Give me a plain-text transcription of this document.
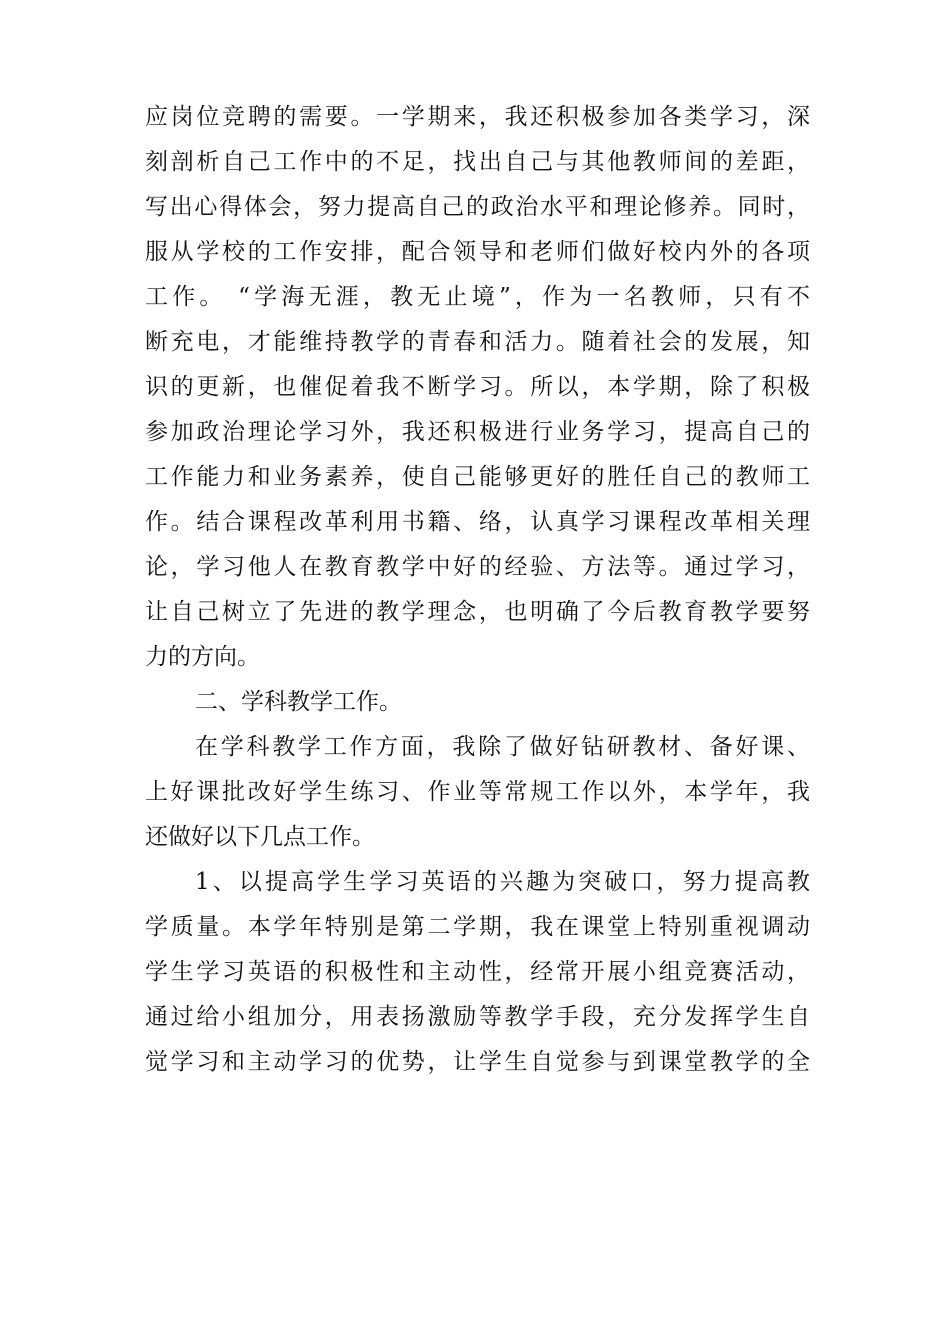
应岗位竞聘的需要。一学期来，我还积极参加各类学习，深
刻剖析自己工作中的不足，找出自己与其他教师间的差距，
写出心得体会，努力提高自己的政治水平和理论修养。同时，
服从学校的工作安排，配合领导和老师们做好校内外的各项
工作。 “学海无涯，教无止境”，作为一名教师，只有不
断充电，才能维持教学的青春和活力。随着社会的发展，知
识的更新，也催促着我不断学习。所以，本学期，除了积极
参加政治理论学习外，我还积极进行业务学习，提高自己的
工作能力和业务素养，使自己能够更好的胜任自己的教师工
作。结合课程改革利用书籍、络，认真学习课程改革相关理
论，学习他人在教育教学中好的经验、方法等。通过学习，
让自己树立了先进的教学理念，也明确了今后教育教学要努
力的方向。
二、学科教学工作。
在学科教学工作方面，我除了做好钻研教材、备好课、
上好课批改好学生练习、作业等常规工作以外，本学年，我
还做好以下几点工作。
1、以提高学生学习英语的兴趣为突破口，努力提高教
学质量。本学年特别是第二学期，我在课堂上特别重视调动
学生学习英语的积极性和主动性，经常开展小组竞赛活动，
通过给小组加分，用表扬激励等教学手段，充分发挥学生自
觉学习和主动学习的优势，让学生自觉参与到课堂教学的全
